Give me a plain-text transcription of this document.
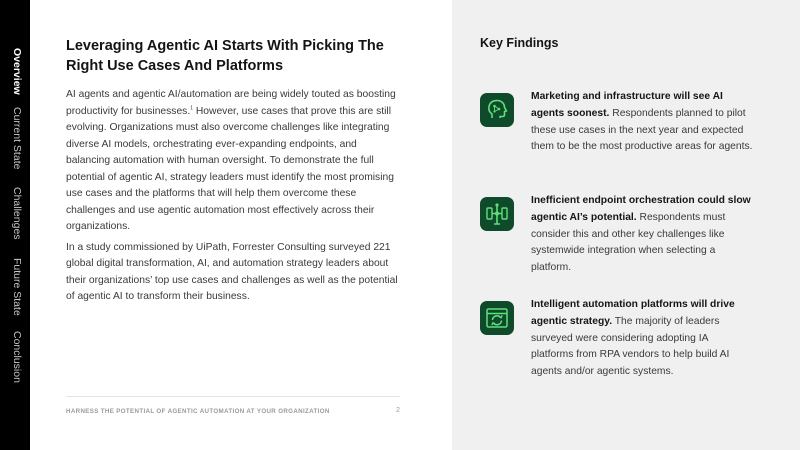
Overview
Current State
Challenges
Future State
Conclusion
Leveraging Agentic AI Starts With Picking The Right Use Cases And Platforms

AI agents and agentic AI/automation are being widely touted as boosting productivity for businesses.$^1$ However, use cases that prove this are still evolving. Organizations must also overcome challenges like integrating diverse AI models, orchestrating ever-expanding endpoints, and balancing automation with human oversight. To demonstrate the full potential of agentic AI, strategy leaders must identify the most promising use cases and the platforms that will help them overcome these challenges and use agentic automation most effectively across their organizations.

In a study commissioned by UiPath, Forrester Consulting surveyed 221 global digital transformation, AI, and automation strategy leaders about their organizations’ top use cases and challenges as well as the potential of agentic AI to transform their business.

HARNESS THE POTENTIAL OF AGENTIC AUTOMATION AT YOUR ORGANIZATION	2
Key Findings
Marketing and infrastructure will see AI agents soonest. Respondents planned to pilot these use cases in the next year and expected them to be the most productive areas for agents.
Inefficient endpoint orchestration could slow agentic AI’s potential. Respondents must consider this and other key challenges like systemwide integration when selecting a platform.
Intelligent automation platforms will drive agentic strategy. The majority of leaders surveyed were considering adopting IA platforms from RPA vendors to help build AI agents and/or agentic systems.
